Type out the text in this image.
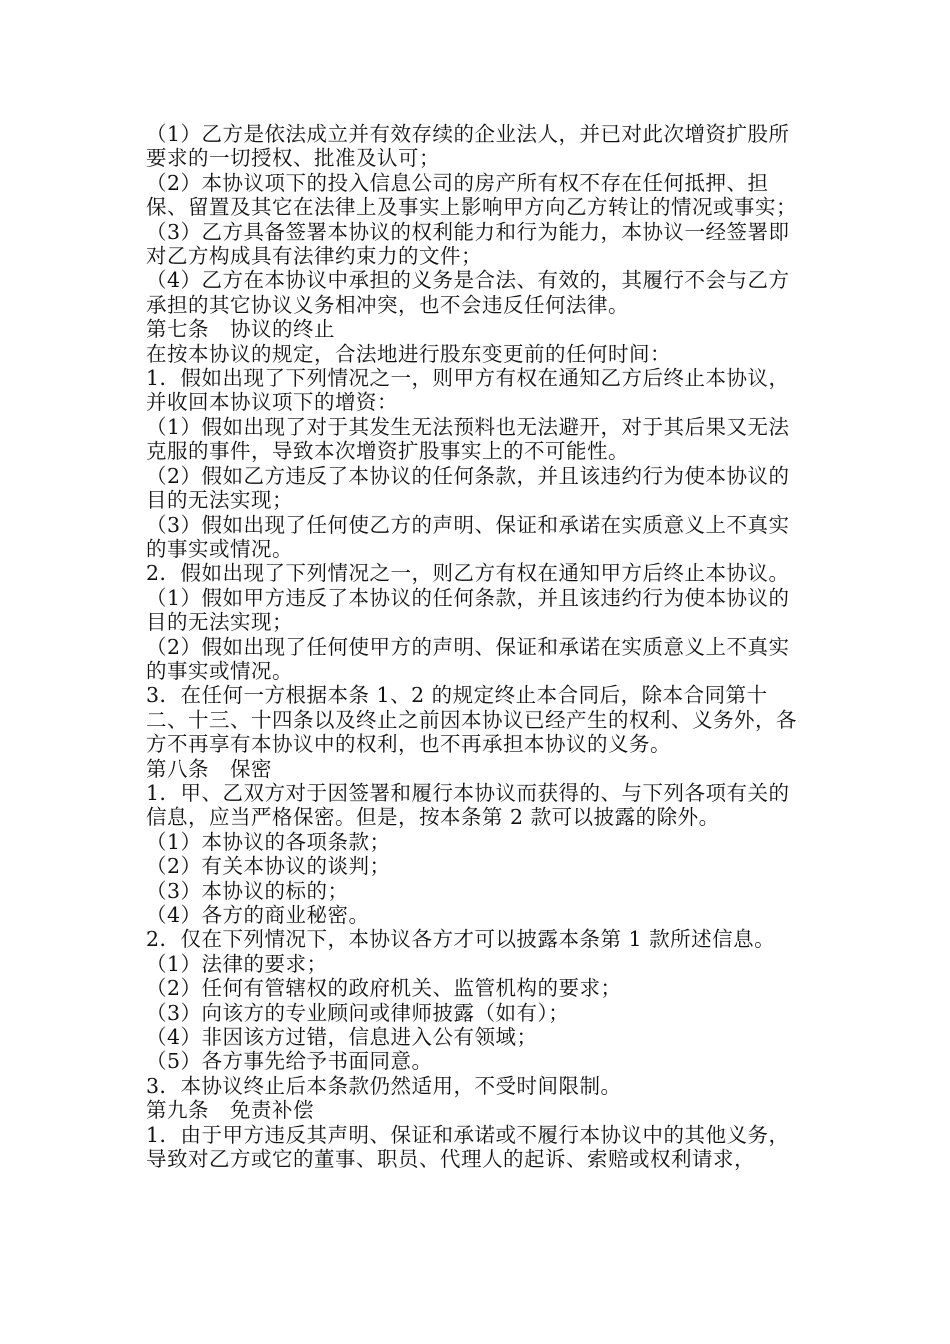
（1）乙方是依法成立并有效存续的企业法人，并已对此次增资扩股所要求的一切授权、批准及认可；
（2）本协议项下的投入信息公司的房产所有权不存在任何抵押、担保、留置及其它在法律上及事实上影响甲方向乙方转让的情况或事实；
（3）乙方具备签署本协议的权利能力和行为能力，本协议一经签署即对乙方构成具有法律约束力的文件；
（4）乙方在本协议中承担的义务是合法、有效的，其履行不会与乙方承担的其它协议义务相冲突，也不会违反任何法律。
第七条　协议的终止
在按本协议的规定，合法地进行股东变更前的任何时间：
1．假如出现了下列情况之一，则甲方有权在通知乙方后终止本协议，并收回本协议项下的增资：
（1）假如出现了对于其发生无法预料也无法避开，对于其后果又无法克服的事件，导致本次增资扩股事实上的不可能性。
（2）假如乙方违反了本协议的任何条款，并且该违约行为使本协议的目的无法实现；
（3）假如出现了任何使乙方的声明、保证和承诺在实质意义上不真实的事实或情况。
2．假如出现了下列情况之一，则乙方有权在通知甲方后终止本协议。
（1）假如甲方违反了本协议的任何条款，并且该违约行为使本协议的目的无法实现；
（2）假如出现了任何使甲方的声明、保证和承诺在实质意义上不真实的事实或情况。
3．在任何一方根据本条 1、2 的规定终止本合同后，除本合同第十二、十三、十四条以及终止之前因本协议已经产生的权利、义务外，各方不再享有本协议中的权利，也不再承担本协议的义务。
第八条　保密
1．甲、乙双方对于因签署和履行本协议而获得的、与下列各项有关的信息，应当严格保密。但是，按本条第 2 款可以披露的除外。
（1）本协议的各项条款；
（2）有关本协议的谈判；
（3）本协议的标的；
（4）各方的商业秘密。
2．仅在下列情况下，本协议各方才可以披露本条第 1 款所述信息。
（1）法律的要求；
（2）任何有管辖权的政府机关、监管机构的要求；
（3）向该方的专业顾问或律师披露（如有）；
（4）非因该方过错，信息进入公有领域；
（5）各方事先给予书面同意。
3．本协议终止后本条款仍然适用，不受时间限制。
第九条　免责补偿
1．由于甲方违反其声明、保证和承诺或不履行本协议中的其他义务，导致对乙方或它的董事、职员、代理人的起诉、索赔或权利请求，
